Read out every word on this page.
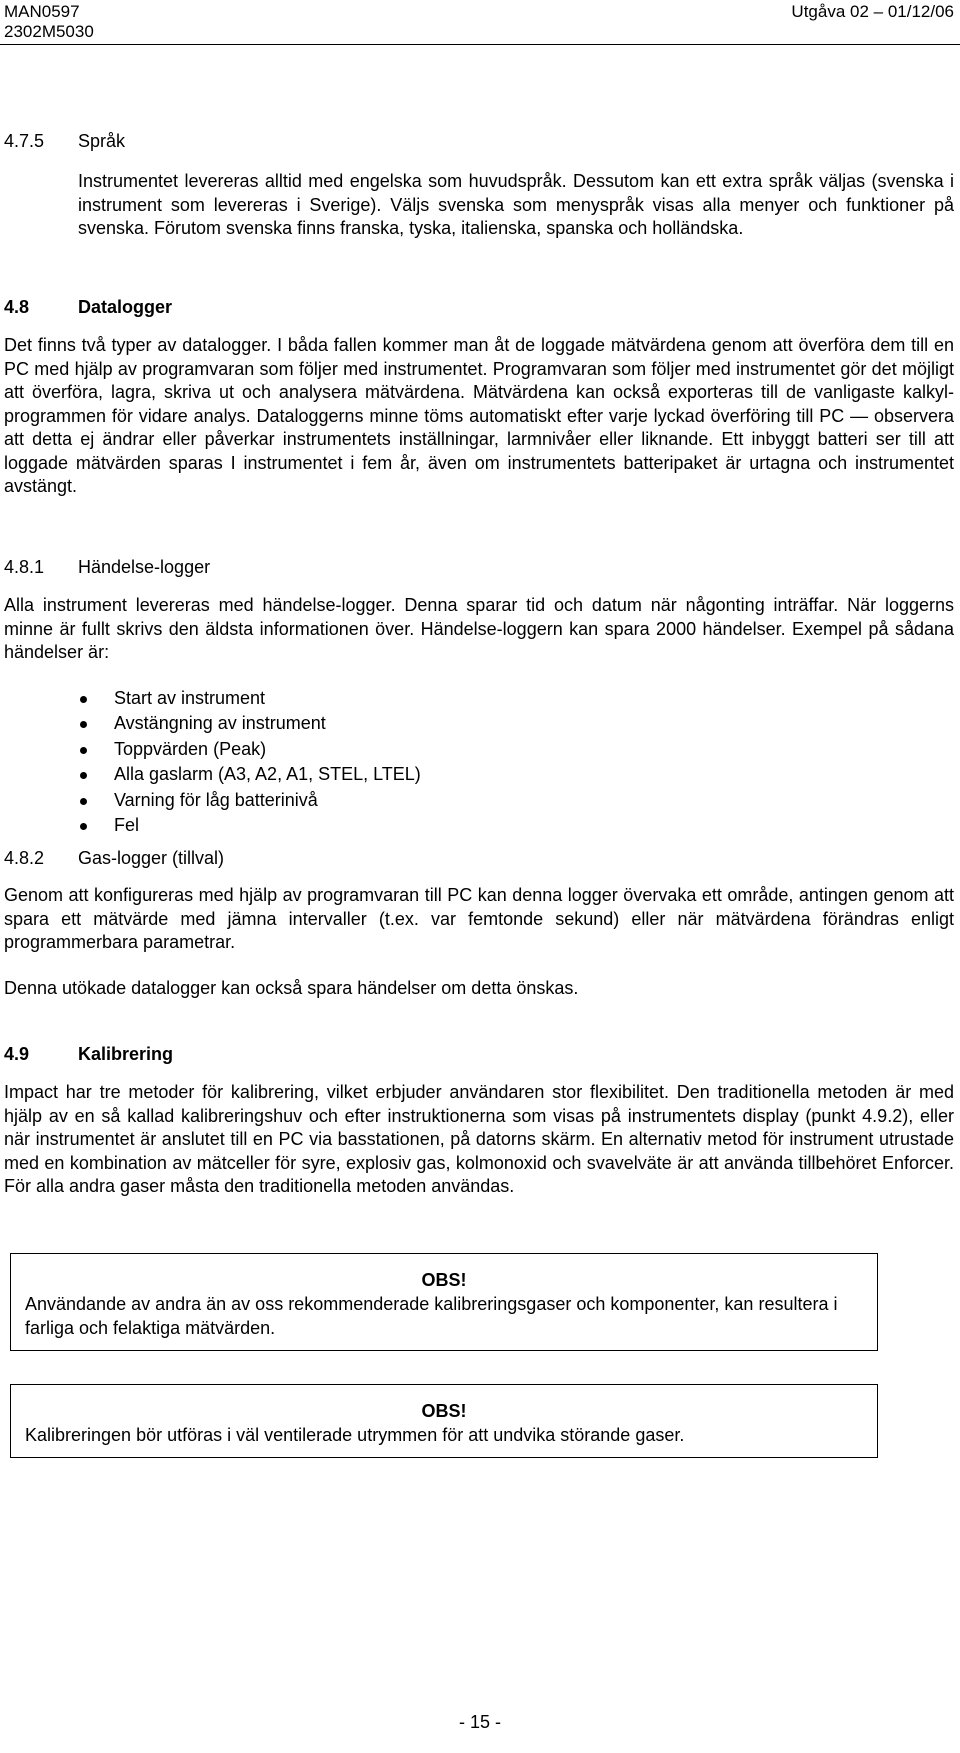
MAN0597
2302M5030
Utgåva 02 – 01/12/06
4.7.5 Språk

Instrumentet levereras alltid med engelska som huvudspråk. Dessutom kan ett extra språk väljas (svenska i instrument som levereras i Sverige). Väljs svenska som menyspråk visas alla menyer och funktioner på svenska. Förutom svenska finns franska, tyska, italienska, spanska och holländska.

4.8	Datalogger

Det finns två typer av datalogger. I båda fallen kommer man åt de loggade mätvärdena genom att överföra dem till en PC med hjälp av programvaran som följer med instrumentet. Programvaran som följer med instrumentet gör det möjligt att överföra, lagra, skriva ut och analysera mätvärdena. Mätvärdena kan också exporteras till de vanligaste kalkyl-programmen för vidare analys. Dataloggerns minne töms automatiskt efter varje lyckad överföring till PC — observera att detta ej ändrar eller påverkar instrumentets inställningar, larmnivåer eller liknande. Ett inbyggt batteri ser till att loggade mätvärden sparas I instrumentet i fem år, även om instrumentets batteripaket är urtagna och instrumentet avstängt.

4.8.1 Händelse-logger

Alla instrument levereras med händelse-logger. Denna sparar tid och datum när någonting inträffar. När loggerns minne är fullt skrivs den äldsta informationen över. Händelse-loggern kan spara 2000 händelser. Exempel på sådana händelser är:

Start av instrument
Avstängning av instrument
Toppvärden (Peak)
Alla gaslarm (A3, A2, A1, STEL, LTEL)
Varning för låg batterinivå
Fel
4.8.2 Gas-logger (tillval)

Genom att konfigureras med hjälp av programvaran till PC kan denna logger övervaka ett område, antingen genom att spara ett mätvärde med jämna intervaller (t.ex. var femtonde sekund) eller när mätvärdena förändras enligt programmerbara parametrar.

Denna utökade datalogger kan också spara händelser om detta önskas.

4.9	Kalibrering

Impact har tre metoder för kalibrering, vilket erbjuder användaren stor flexibilitet. Den traditionella metoden är med hjälp av en så kallad kalibreringshuv och efter instruktionerna som visas på instrumentets display (punkt 4.9.2), eller när instrumentet är anslutet till en PC via basstationen, på datorns skärm. En alternativ metod för instrument utrustade med en kombination av mätceller för syre, explosiv gas, kolmonoxid och svavelväte är att använda tillbehöret Enforcer. För alla andra gaser måsta den traditionella metoden användas.

OBS!
Användande av andra än av oss rekommenderade kalibreringsgaser och komponenter, kan resultera i farliga och felaktiga mätvärden.
OBS!
Kalibreringen bör utföras i väl ventilerade utrymmen för att undvika störande gaser.
- 15 -
